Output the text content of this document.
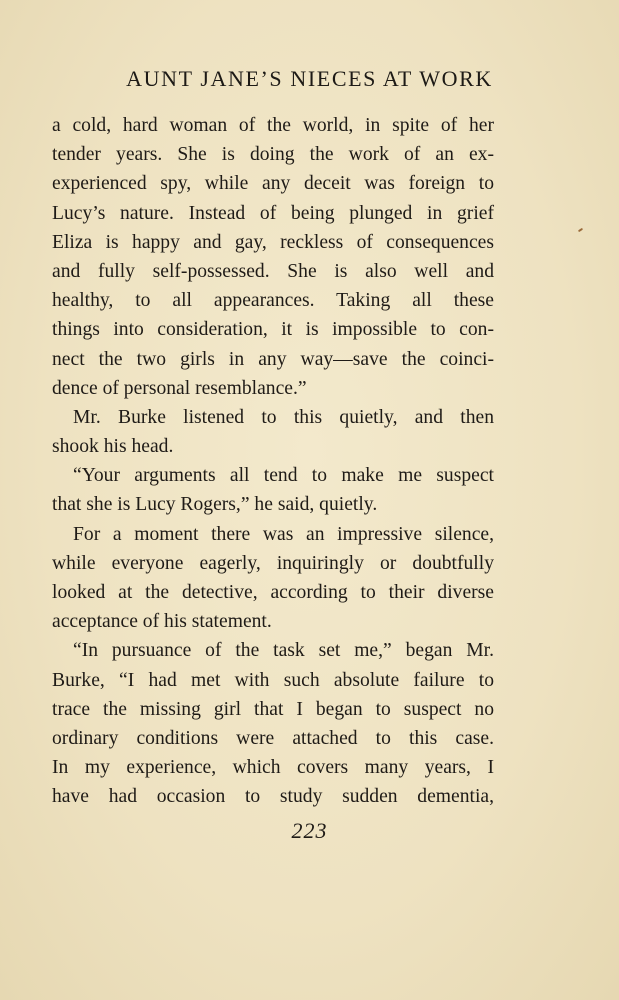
AUNT JANE’S NIECES AT WORK
a cold, hard woman of the world, in spite of her
tender years. She is doing the work of an ex-
experienced spy, while any deceit was foreign to
Lucy’s nature. Instead of being plunged in grief
Eliza is happy and gay, reckless of consequences
and fully self-possessed. She is also well and
healthy, to all appearances. Taking all these
things into consideration, it is impossible to con-
nect the two girls in any way—save the coinci-
dence of personal resemblance.”
Mr. Burke listened to this quietly, and then
shook his head.
“Your arguments all tend to make me suspect
that she is Lucy Rogers,” he said, quietly.
For a moment there was an impressive silence,
while everyone eagerly, inquiringly or doubtfully
looked at the detective, according to their diverse
acceptance of his statement.
“In pursuance of the task set me,” began Mr.
Burke, “I had met with such absolute failure to
trace the missing girl that I began to suspect no
ordinary conditions were attached to this case.
In my experience, which covers many years, I
have had occasion to study sudden dementia,
223
